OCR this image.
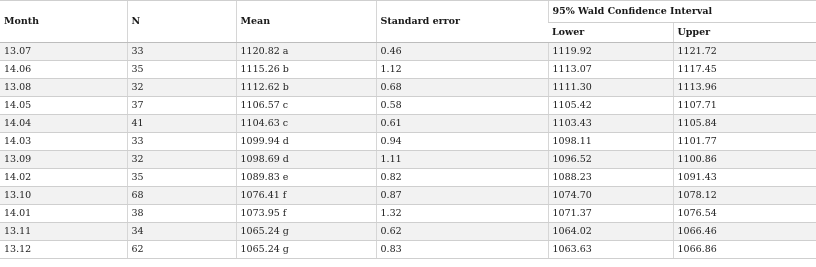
Month	N	Mean	Standard error	95% Wald Confidence Interval	
				Lower	Upper
13.07	33	1120.82 a	0.46	1119.92	1121.72
14.06	35	1115.26 b	1.12	1113.07	1117.45
13.08	32	1112.62 b	0.68	1111.30	1113.96
14.05	37	1106.57 c	0.58	1105.42	1107.71
14.04	41	1104.63 c	0.61	1103.43	1105.84
14.03	33	1099.94 d	0.94	1098.11	1101.77
13.09	32	1098.69 d	1.11	1096.52	1100.86
14.02	35	1089.83 e	0.82	1088.23	1091.43
13.10	68	1076.41 f	0.87	1074.70	1078.12
14.01	38	1073.95 f	1.32	1071.37	1076.54
13.11	34	1065.24 g	0.62	1064.02	1066.46
13.12	62	1065.24 g	0.83	1063.63	1066.86
